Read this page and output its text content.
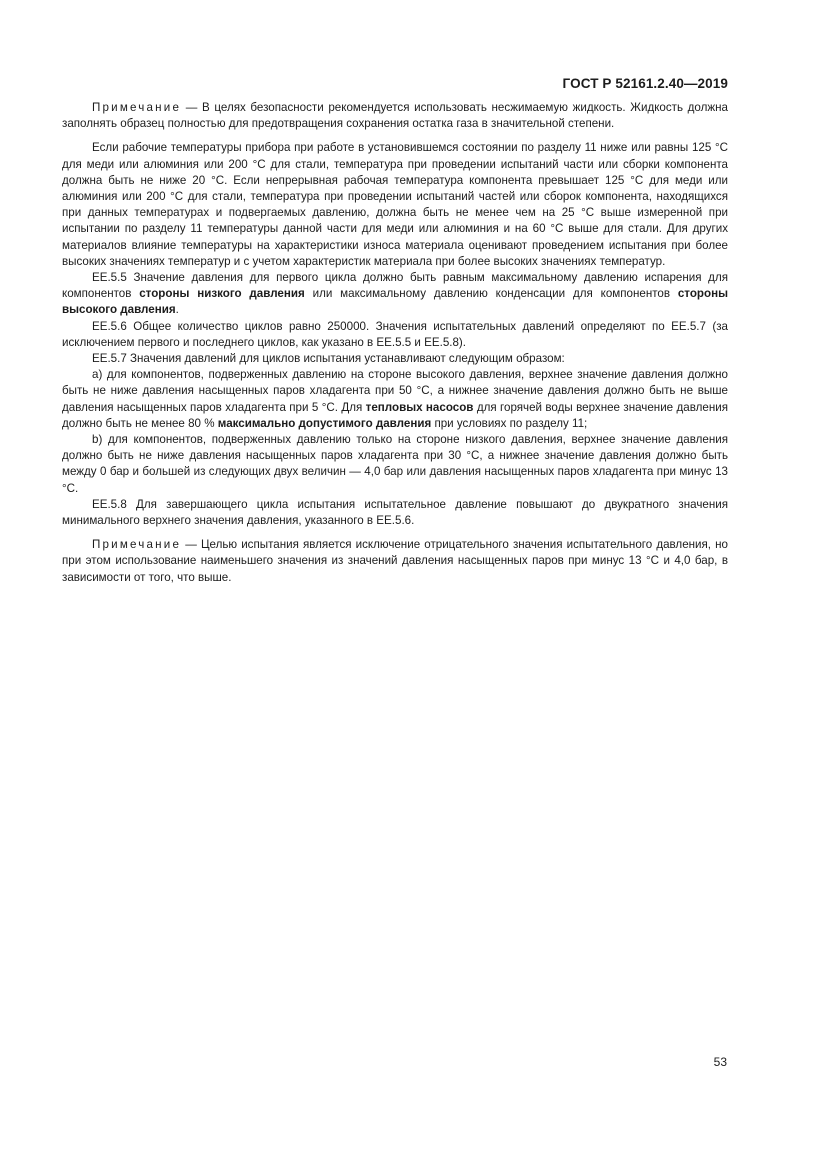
ГОСТ Р 52161.2.40—2019

Примечание — В целях безопасности рекомендуется использовать несжимаемую жидкость. Жидкость должна заполнять образец полностью для предотвращения сохранения остатка газа в значительной степени.

Если рабочие температуры прибора при работе в установившемся состоянии по разделу 11 ниже или равны 125 °C для меди или алюминия или 200 °C для стали, температура при проведении испытаний части или сборки компонента должна быть не ниже 20 °C. Если непрерывная рабочая температура компонента превышает 125 °C для меди или алюминия или 200 °C для стали, температура при проведении испытаний частей или сборок компонента, находящихся при данных температурах и подвергаемых давлению, должна быть не менее чем на 25 °C выше измеренной при испытании по разделу 11 температуры данной части для меди или алюминия и на 60 °C выше для стали. Для других материалов влияние температуры на характеристики износа материала оценивают проведением испытания при более высоких значениях температур и с учетом характеристик материала при более высоких значениях температур.

EE.5.5 Значение давления для первого цикла должно быть равным максимальному давлению испарения для компонентов стороны низкого давления или максимальному давлению конденсации для компонентов стороны высокого давления.

EE.5.6 Общее количество циклов равно 250000. Значения испытательных давлений определяют по EE.5.7 (за исключением первого и последнего циклов, как указано в EE.5.5 и EE.5.8).

EE.5.7 Значения давлений для циклов испытания устанавливают следующим образом:

a) для компонентов, подверженных давлению на стороне высокого давления, верхнее значение давления должно быть не ниже давления насыщенных паров хладагента при 50 °C, а нижнее значение давления должно быть не выше давления насыщенных паров хладагента при 5 °C. Для тепловых насосов для горячей воды верхнее значение давления должно быть не менее 80 % максимально допустимого давления при условиях по разделу 11;

b) для компонентов, подверженных давлению только на стороне низкого давления, верхнее значение давления должно быть не ниже давления насыщенных паров хладагента при 30 °C, а нижнее значение давления должно быть между 0 бар и большей из следующих двух величин — 4,0 бар или давления насыщенных паров хладагента при минус 13 °C.

EE.5.8 Для завершающего цикла испытания испытательное давление повышают до двукратного значения минимального верхнего значения давления, указанного в EE.5.6.

Примечание — Целью испытания является исключение отрицательного значения испытательного давления, но при этом использование наименьшего значения из значений давления насыщенных паров при минус 13 °C и 4,0 бар, в зависимости от того, что выше.

53
